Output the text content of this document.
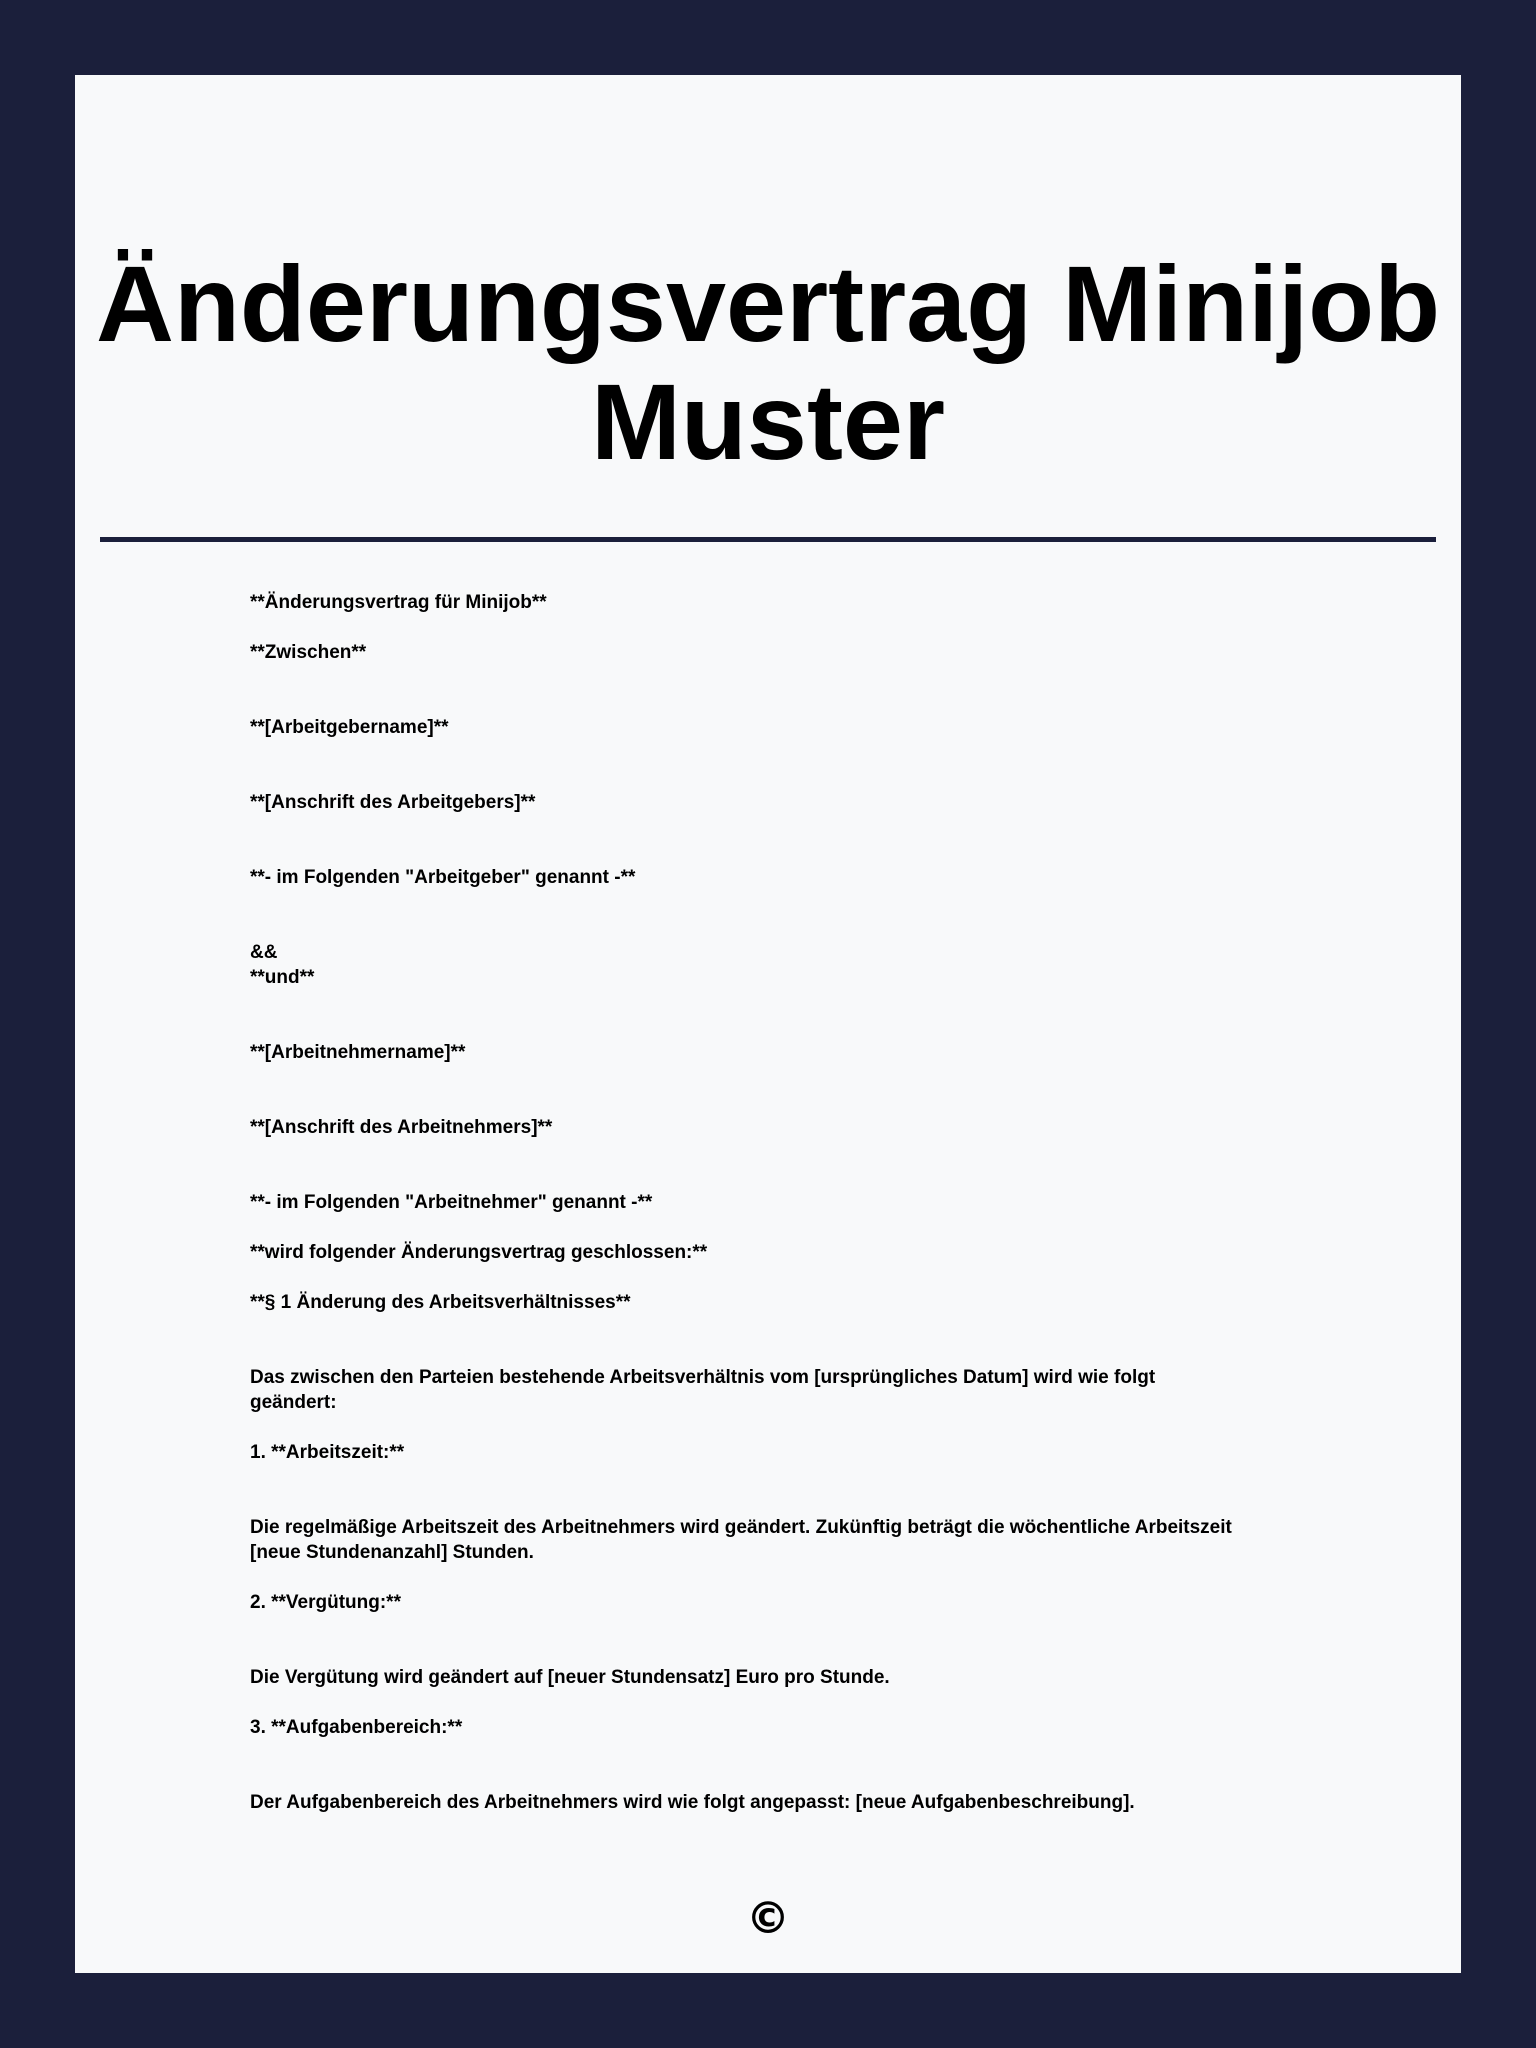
Änderungsvertrag Minijob Muster

**Änderungsvertrag für Minijob**

**Zwischen**

**[Arbeitgebername]**

**[Anschrift des Arbeitgebers]**

**- im Folgenden "Arbeitgeber" genannt -**

&&
**und**

**[Arbeitnehmername]**

**[Anschrift des Arbeitnehmers]**

**- im Folgenden "Arbeitnehmer" genannt -**

**wird folgender Änderungsvertrag geschlossen:**

**§ 1 Änderung des Arbeitsverhältnisses**

Das zwischen den Parteien bestehende Arbeitsverhältnis vom [ursprüngliches Datum] wird wie folgt geändert:

1. **Arbeitszeit:**

Die regelmäßige Arbeitszeit des Arbeitnehmers wird geändert. Zukünftig beträgt die wöchentliche Arbeitszeit [neue Stundenanzahl] Stunden.

2. **Vergütung:**

Die Vergütung wird geändert auf [neuer Stundensatz] Euro pro Stunde.

3. **Aufgabenbereich:**

Der Aufgabenbereich des Arbeitnehmers wird wie folgt angepasst: [neue Aufgabenbeschreibung].

©
